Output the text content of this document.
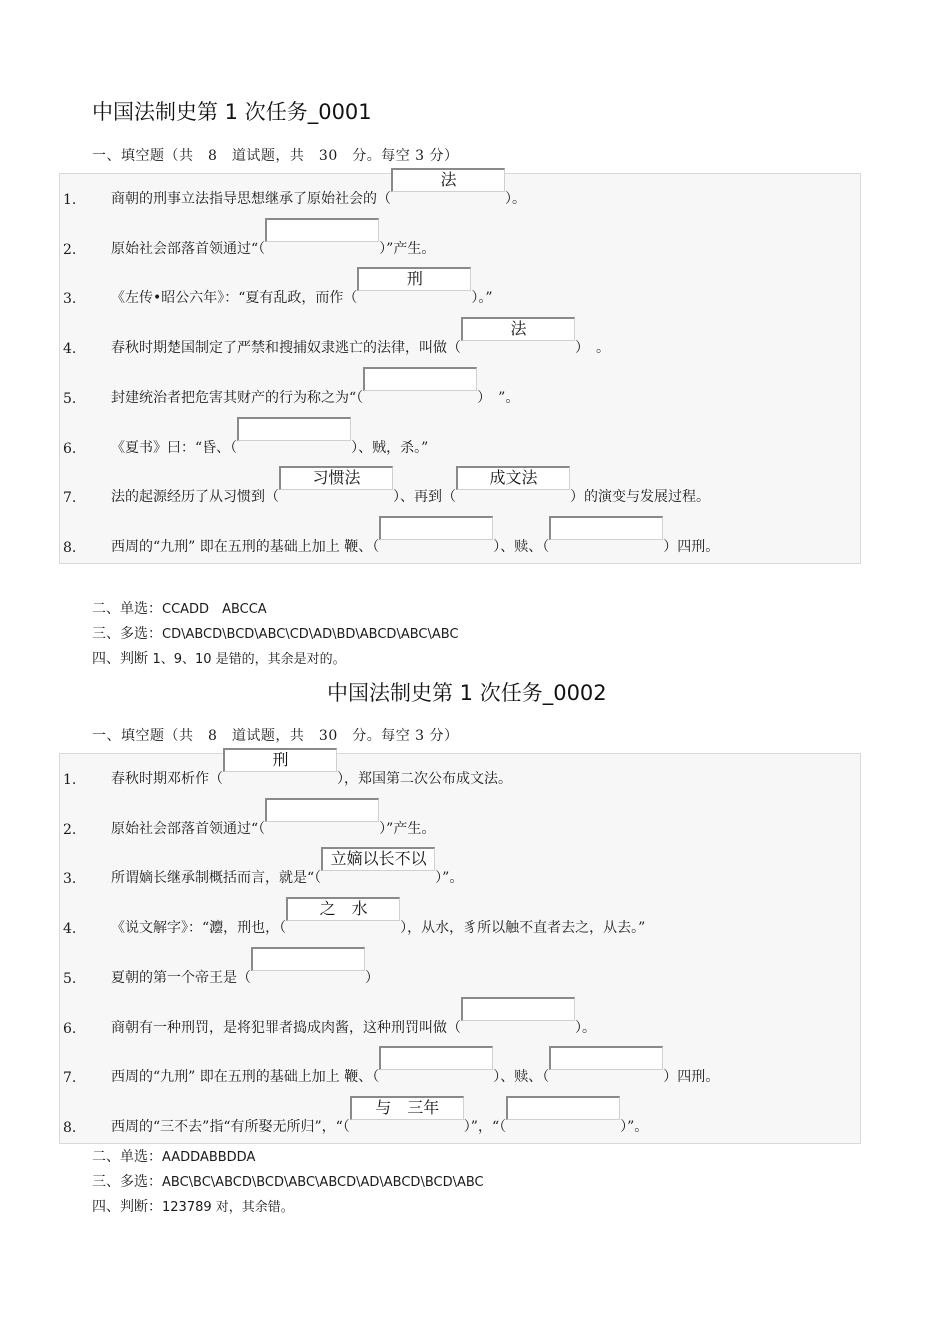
中国法制史第 1 次任务_0001
一、填空题（共　8　道试题，共　30　分。每空 3 分）
1. 商朝的刑事立法指导思想继承了原始社会的（
法
）。
2. 原始社会部落首领通过“（	）”产生。
3. 《左传•昭公六年》：“夏有乱政，而作（
刑
）。”
4. 春秋时期楚国制定了严禁和搜捕奴隶逃亡的法律，叫做（
法
）　。
5. 封建统治者把危害其财产的行为称之为“（	）　”。
6. 《夏书》曰：“昏、（	）、贼，杀。”
7. 法的起源经历了从习惯到（
习惯法
）、再到（
成文法
）的演变与发展过程。
8. 西周的“九刑” 即在五刑的基础上加上 鞭、（	）、赎、（	）四刑。
二、单选：CCADD　ABCCA
三、多选：CD\ABCD\BCD\ABC\CD\AD\BD\ABCD\ABC\ABC
四、判断 1、9、10 是错的，其余是对的。
中国法制史第 1 次任务_0002
一、填空题（共　8　道试题，共　30　分。每空 3 分）
1. 春秋时期邓析作（
刑
），郑国第二次公布成文法。
2. 原始社会部落首领通过“（	）”产生。
3. 所谓嫡长继承制概括而言，就是“（
立嫡以长不以
）”。
4. 《说文解字》：“灋，刑也，（
之　水
），从水，豸所以触不直者去之，从去。”
5. 夏朝的第一个帝王是（	）
6. 商朝有一种刑罚，是将犯罪者捣成肉酱，这种刑罚叫做（	）。
7. 西周的“九刑” 即在五刑的基础上加上 鞭、（	）、赎、（	）四刑。
8. 西周的“三不去”指“有所娶无所归”，“（
与　三年
）”，“（	）”。
二、单选：AADDABBDDA
三、多选：ABC\BC\ABCD\BCD\ABC\ABCD\AD\ABCD\BCD\ABC
四、判断：123789 对，其余错。
